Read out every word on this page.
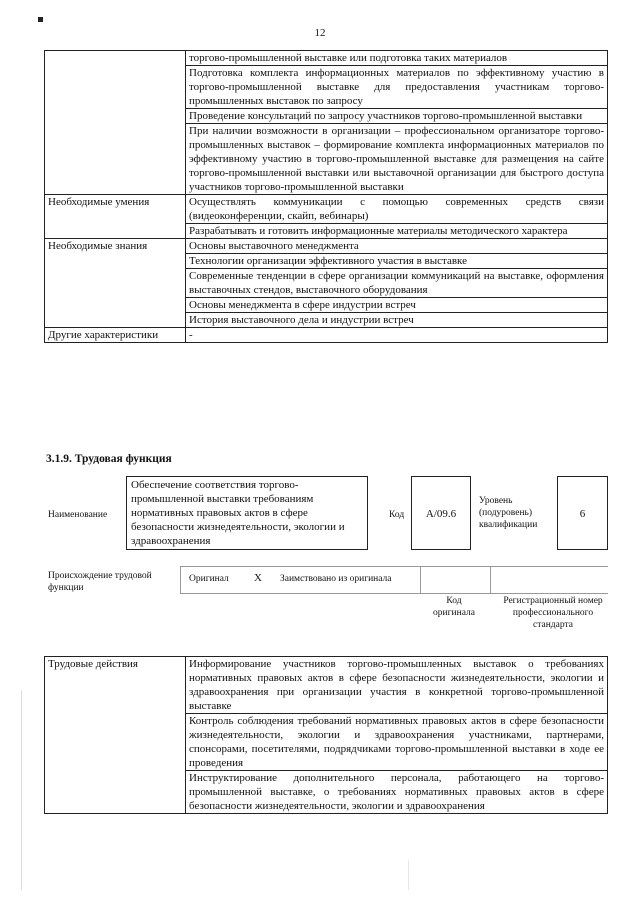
12
	торгово-промышленной выставке или подготовка таких материалов
	Подготовка комплекта информационных материалов по эффективному участию в торгово-промышленной выставке для предоставления участникам торгово-промышленных выставок по запросу
	Проведение консультаций по запросу участников торгово-промышленной выставки
	При наличии возможности в организации – профессиональном организаторе торгово-промышленных выставок – формирование комплекта информационных материалов по эффективному участию в торгово-промышленной выставке для размещения на сайте торгово-промышленной выставки или выставочной организации для быстрого доступа участников торгово-промышленной выставки
Необходимые умения	Осуществлять коммуникации с помощью современных средств связи (видеоконференции, скайп, вебинары)
	Разрабатывать и готовить информационные материалы методического характера
Необходимые знания	Основы выставочного менеджмента
	Технологии организации эффективного участия в выставке
	Современные тенденции в сфере организации коммуникаций на выставке, оформления выставочных стендов, выставочного оборудования
	Основы менеджмента в сфере индустрии встреч
	История выставочного дела и индустрии встреч
Другие характеристики	-
3.1.9. Трудовая функция
Наименование
Обеспечение соответствия торгово-промышленной выставки требованиям нормативных правовых актов в сфере безопасности жизнедеятельности, экологии и здравоохранения
Код	А/09.6
Уровень (подуровень) квалификации
6
Происхождение трудовой функции
Оригинал X Заимствовано из оригинала
Код оригинала
Регистрационный номер профессионального стандарта
Трудовые действия	Информирование участников торгово-промышленных выставок о требованиях нормативных правовых актов в сфере безопасности жизнедеятельности, экологии и здравоохранения при организации участия в конкретной торгово-промышленной выставке
Контроль соблюдения требований нормативных правовых актов в сфере безопасности жизнедеятельности, экологии и здравоохранения участниками, партнерами, спонсорами, посетителями, подрядчиками торгово-промышленной выставки в ходе ее проведения
Инструктирование дополнительного персонала, работающего на торгово-промышленной выставке, о требованиях нормативных правовых актов в сфере безопасности жизнедеятельности, экологии и здравоохранения
